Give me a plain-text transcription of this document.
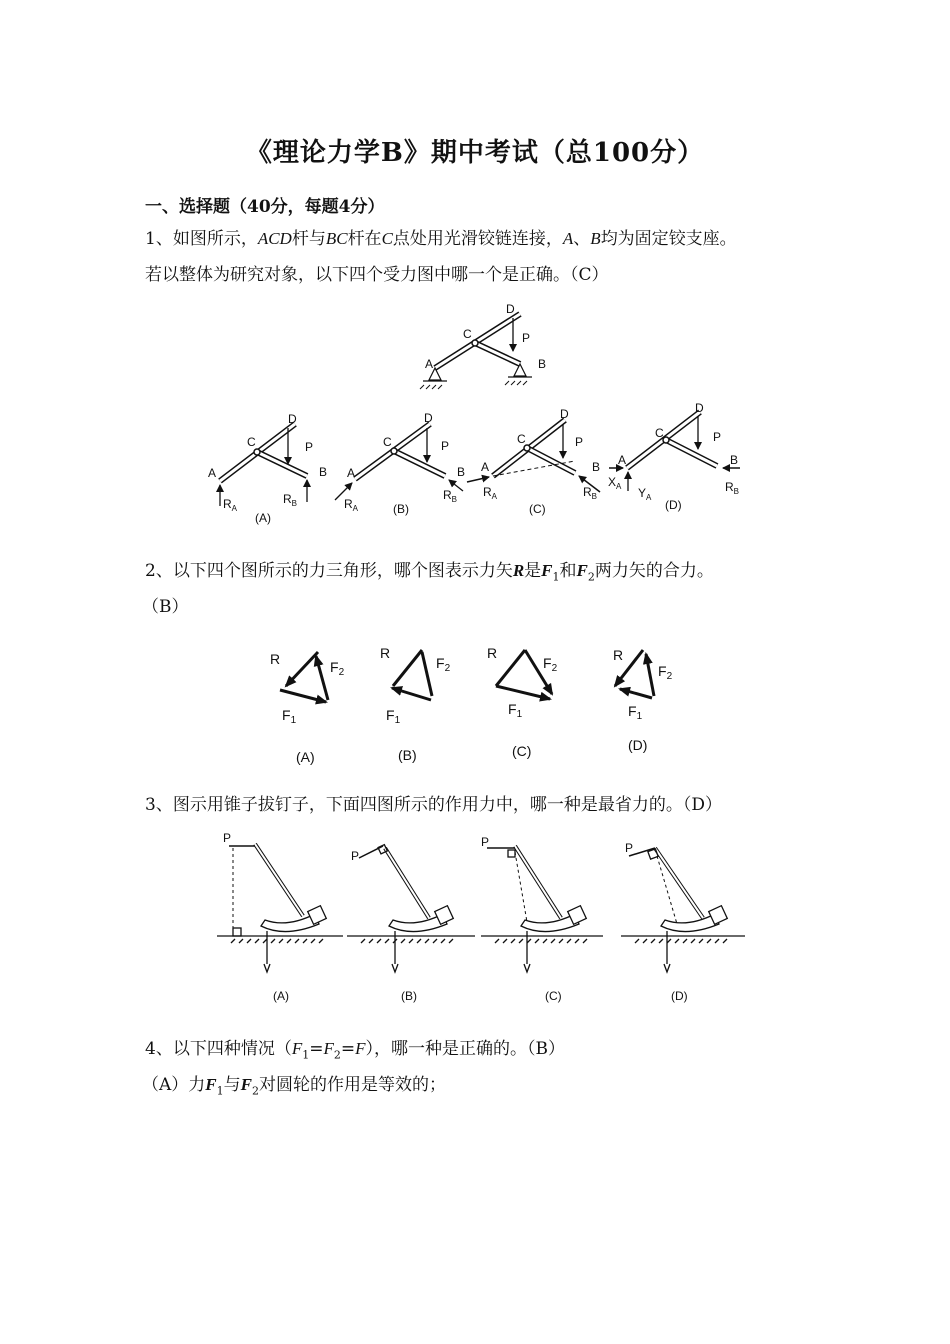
《理论力学B》期中考试（总100分）
一、选择题（40分，每题4分）
1、如图所示，ACD杆与BC杆在C点处用光滑铰链连接，A、B均为固定铰支座。
若以整体为研究对象，以下四个受力图中哪一个是正确。（C）
D
C	P
A	B
D
C	P
A	B
$R_A$
$R_B$
(A)
D
C	P
A	B
$R_A$
$R_B$
(B)
D
C	P
A	B
$R_A$	$R_B$
(C)
D
C	P
A	B
$X_A$ $Y_A$
$R_B$
(D)
2、以下四个图所示的力三角形，哪个图表示力矢R是$F_1$和$F_2$两力矢的合力。
（B）
R	$F_2$
$F_1$
(A)
R
$F_2$
$F_1$
(B)
R
$F_2$
$F_1$
(C)
R
$F_2$
$F_1$
(D)
3、图示用锥子拔钉子，下面四图所示的作用力中，哪一种是最省力的。（D）
P
(A)
P
(B)
P
(C)
P
(D)
4、以下四种情况$(F_1=F_2=F)$，哪一种是正确的。（B）
（A）力$F_1$与$F_2$对圆轮的作用是等效的；
